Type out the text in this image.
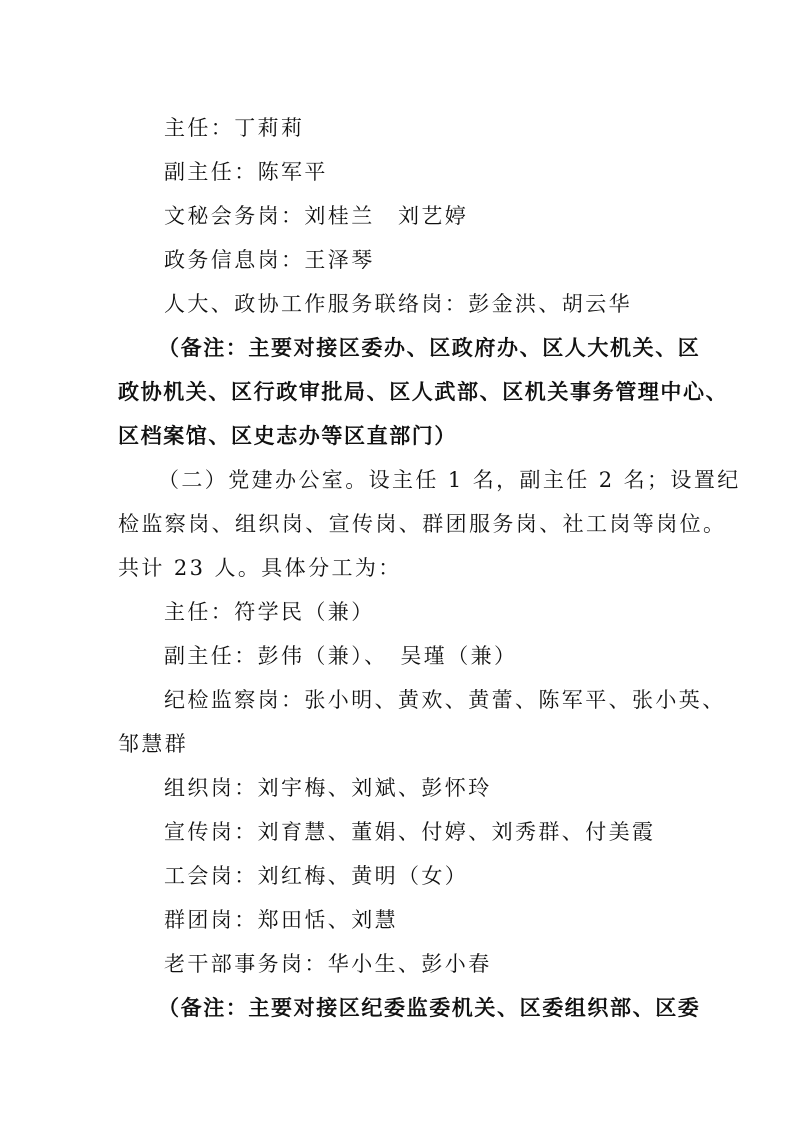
主任：丁莉莉
副主任：陈军平
文秘会务岗：刘桂兰　刘艺婷
政务信息岗：王泽琴
人大、政协工作服务联络岗：彭金洪、胡云华
（备注：主要对接区委办、区政府办、区人大机关、区
政协机关、区行政审批局、区人武部、区机关事务管理中心、
区档案馆、区史志办等区直部门）
（二）党建办公室。设主任 1 名，副主任 2 名；设置纪
检监察岗、组织岗、宣传岗、群团服务岗、社工岗等岗位。
共计 23 人。具体分工为：
主任：符学民（兼）
副主任：彭伟（兼）、　吴瑾（兼）
纪检监察岗：张小明、黄欢、黄蕾、陈军平、张小英、
邹慧群
组织岗：刘宇梅、刘斌、彭怀玲
宣传岗：刘育慧、董娟、付婷、刘秀群、付美霞
工会岗：刘红梅、黄明（女）
群团岗：郑田恬、刘慧
老干部事务岗：华小生、彭小春
（备注：主要对接区纪委监委机关、区委组织部、区委
